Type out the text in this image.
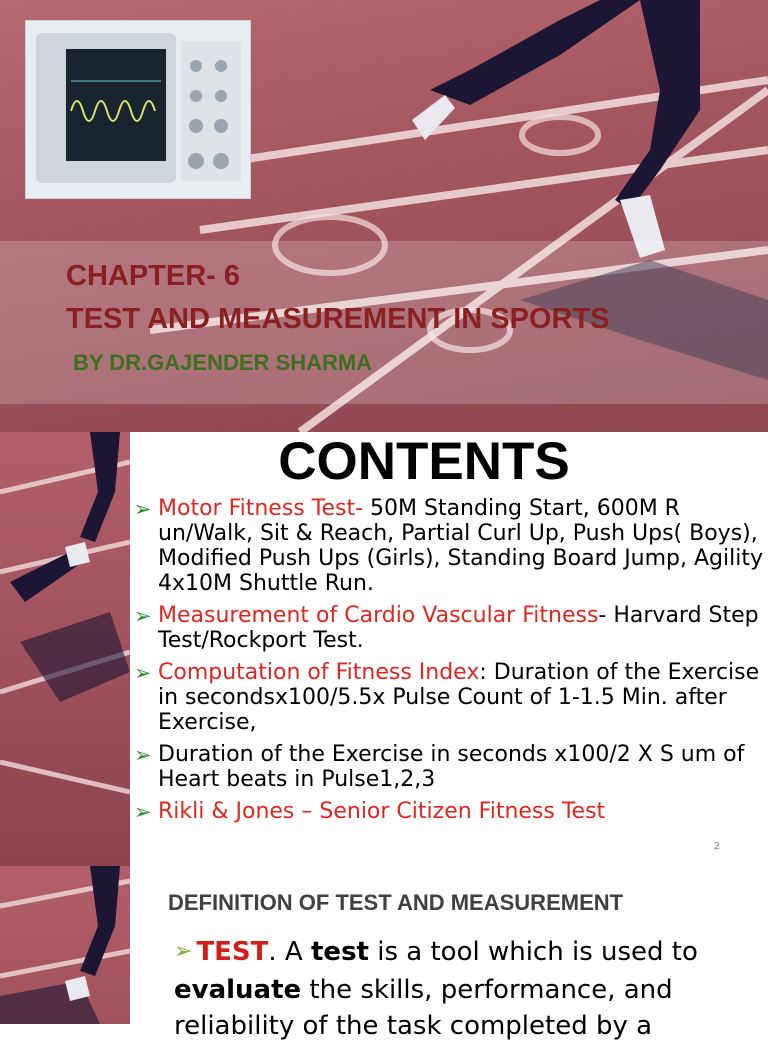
CHAPTER- 6
TEST AND MEASUREMENT IN SPORTS
BY DR.GAJENDER SHARMA
CONTENTS
➢ Motor Fitness Test- 50M Standing Start, 600M R un/Walk, Sit & Reach, Partial Curl Up, Push Ups( Boys), Modified Push Ups (Girls), Standing Board Jump, Agility 4x10M Shuttle Run.
➢ Measurement of Cardio Vascular Fitness- Harvard Step Test/Rockport Test.
➢ Computation of Fitness Index: Duration of the Exercise in secondsx100/5.5x Pulse Count of 1-1.5 Min. after Exercise,
➢ Duration of the Exercise in seconds x100/2 X S um of Heart beats in Pulse1,2,3
➢ Rikli & Jones – Senior Citizen Fitness Test
2
DEFINITION OF TEST AND MEASUREMENT

➢ TEST. A test is a tool which is used to evaluate the skills, performance, and reliability of the task completed by a
